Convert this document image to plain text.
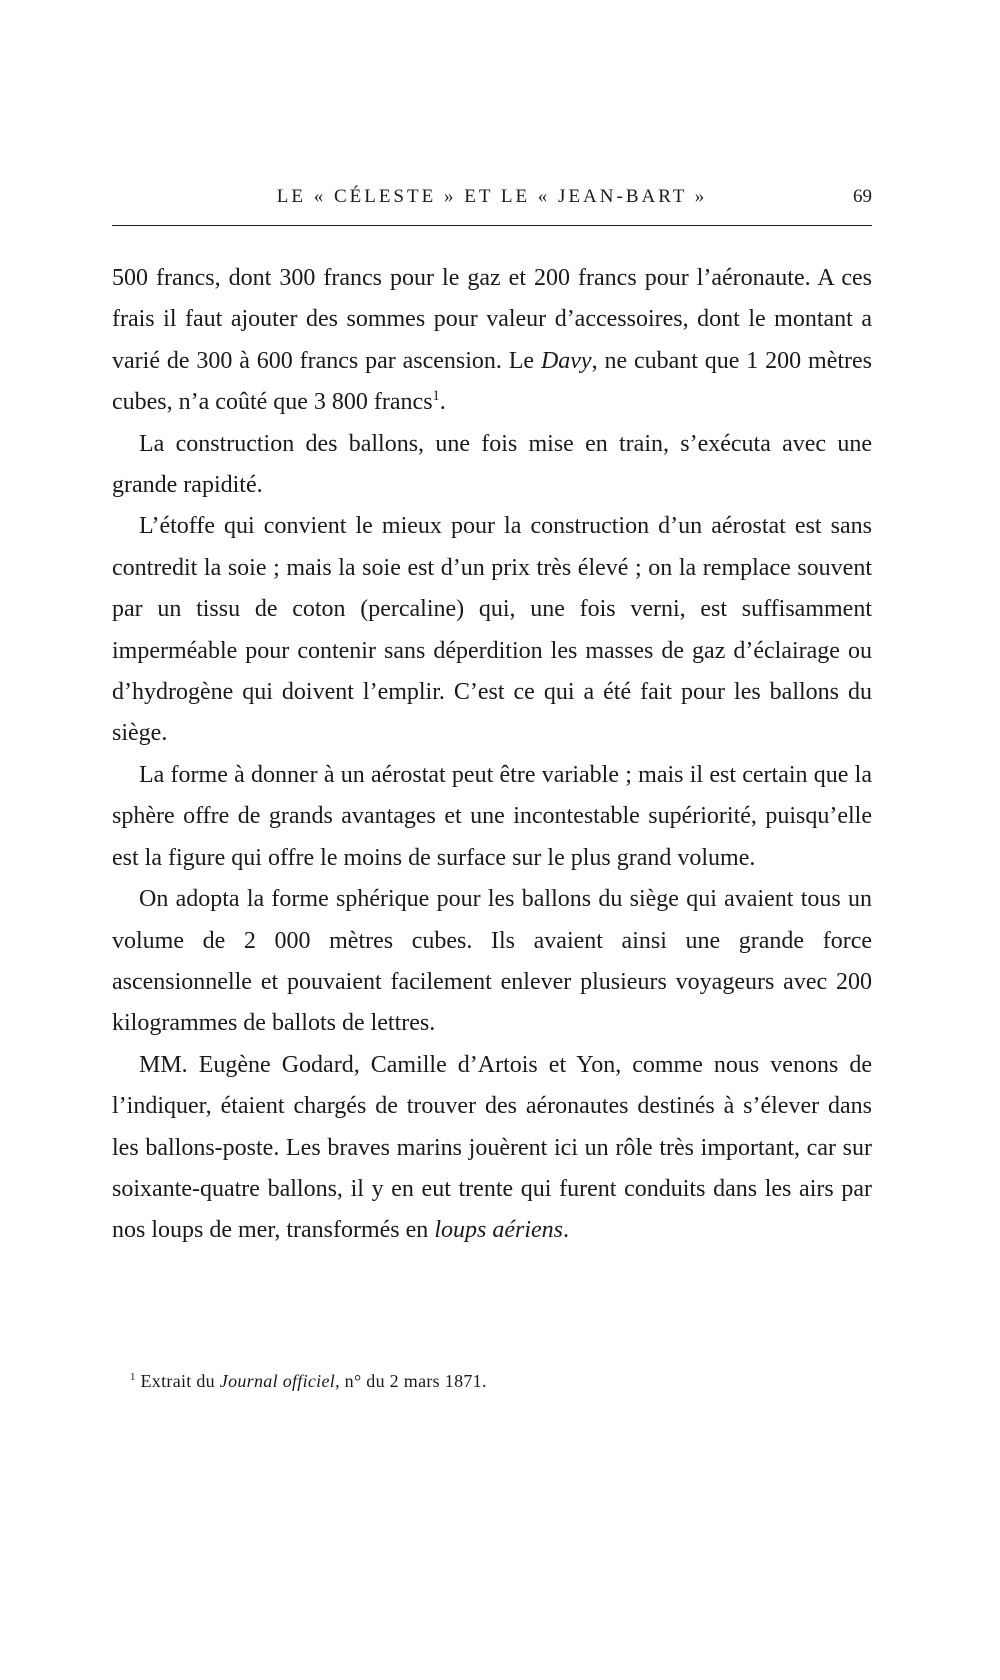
LE « CÉLESTE » ET LE « JEAN-BART »	69

500 francs, dont 300 francs pour le gaz et 200 francs pour l’aéronaute. A ces frais il faut ajouter des sommes pour valeur d’accessoires, dont le montant a varié de 300 à 600 francs par ascension. Le Davy, ne cubant que 1 200 mètres cubes, n’a coûté que 3 800 francs$^1$.

La construction des ballons, une fois mise en train, s’exécuta avec une grande rapidité.

L’étoffe qui convient le mieux pour la construction d’un aérostat est sans contredit la soie ; mais la soie est d’un prix très élevé ; on la remplace souvent par un tissu de coton (percaline) qui, une fois verni, est suffisamment imperméable pour contenir sans déperdition les masses de gaz d’éclairage ou d’hydrogène qui doivent l’emplir. C’est ce qui a été fait pour les ballons du siège.

La forme à donner à un aérostat peut être variable ; mais il est certain que la sphère offre de grands avantages et une incontestable supériorité, puisqu’elle est la figure qui offre le moins de surface sur le plus grand volume.

On adopta la forme sphérique pour les ballons du siège qui avaient tous un volume de 2 000 mètres cubes. Ils avaient ainsi une grande force ascensionnelle et pouvaient facilement enlever plusieurs voyageurs avec 200 kilogrammes de ballots de lettres.

MM. Eugène Godard, Camille d’Artois et Yon, comme nous venons de l’indiquer, étaient chargés de trouver des aéronautes destinés à s’élever dans les ballons-poste. Les braves marins jouèrent ici un rôle très important, car sur soixante-quatre ballons, il y en eut trente qui furent conduits dans les airs par nos loups de mer, transformés en loups aériens.

$^1$ Extrait du Journal officiel, n° du 2 mars 1871.
